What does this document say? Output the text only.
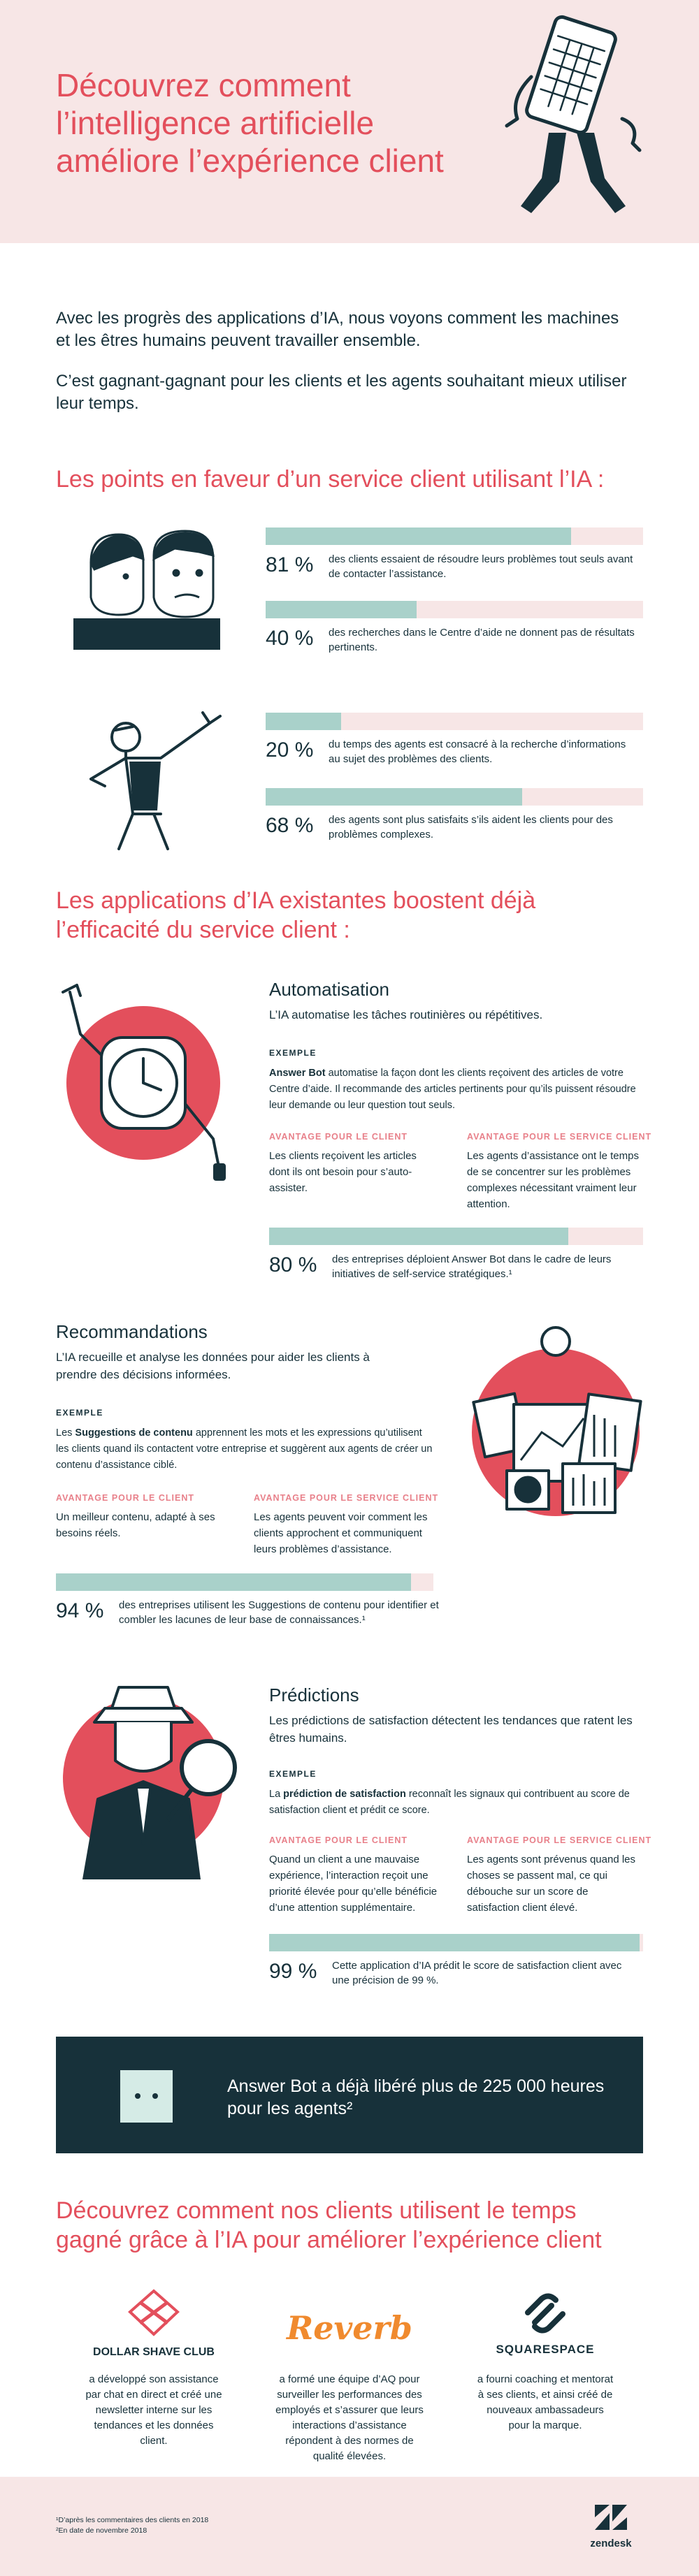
Découvrez comment l’intelligence artificielle améliore l’expérience client

Avec les progrès des applications d’IA, nous voyons comment les machines et les êtres humains peuvent travailler ensemble.

C’est gagnant-gagnant pour les clients et les agents souhaitant mieux utiliser leur temps.

Les points en faveur d’un service client utilisant l’IA :
81 % des clients essaient de résoudre leurs problèmes tout seuls avant de contacter l’assistance.
40 % des recherches dans le Centre d’aide ne donnent pas de résultats pertinents.
20 % du temps des agents est consacré à la recherche d’informations au sujet des problèmes des clients.
68 % des agents sont plus satisfaits s’ils aident les clients pour des problèmes complexes.
Les applications d’IA existantes boostent déjà l’efficacité du service client :
Automatisation
L’IA automatise les tâches routinières ou répétitives.
EXEMPLE
Answer Bot automatise la façon dont les clients reçoivent des articles de votre Centre d’aide. Il recommande des articles pertinents pour qu’ils puissent résoudre leur demande ou leur question tout seuls.
AVANTAGE POUR LE CLIENT
Les clients reçoivent les articles dont ils ont besoin pour s’auto-assister.
AVANTAGE POUR LE SERVICE CLIENT
Les agents d’assistance ont le temps de se concentrer sur les problèmes complexes nécessitant vraiment leur attention.
80 % des entreprises déploient Answer Bot dans le cadre de leurs initiatives de self-service stratégiques.¹
Recommandations
L’IA recueille et analyse les données pour aider les clients à prendre des décisions informées.
EXEMPLE
Les Suggestions de contenu apprennent les mots et les expressions qu’utilisent les clients quand ils contactent votre entreprise et suggèrent aux agents de créer un contenu d’assistance ciblé.
AVANTAGE POUR LE CLIENT
Un meilleur contenu, adapté à ses besoins réels.
AVANTAGE POUR LE SERVICE CLIENT
Les agents peuvent voir comment les clients approchent et communiquent leurs problèmes d’assistance.
94 % des entreprises utilisent les Suggestions de contenu pour identifier et combler les lacunes de leur base de connaissances.¹
Prédictions
Les prédictions de satisfaction détectent les tendances que ratent les êtres humains.
EXEMPLE
La prédiction de satisfaction reconnaît les signaux qui contribuent au score de satisfaction client et prédit ce score.
AVANTAGE POUR LE CLIENT
Quand un client a une mauvaise expérience, l’interaction reçoit une priorité élevée pour qu’elle bénéficie d’une attention supplémentaire.
AVANTAGE POUR LE SERVICE CLIENT
Les agents sont prévenus quand les choses se passent mal, ce qui débouche sur un score de satisfaction client élevé.
99 % Cette application d’IA prédit le score de satisfaction client avec une précision de 99 %.
Answer Bot a déjà libéré plus de 225 000 heures pour les agents²
Découvrez comment nos clients utilisent le temps gagné grâce à l’IA pour améliorer l’expérience client
DOLLAR SHAVE CLUB
a développé son assistance par chat en direct et créé une newsletter interne sur les tendances et les données client.
Reverb
a formé une équipe d’AQ pour surveiller les performances des employés et s’assurer que leurs interactions d’assistance répondent à des normes de qualité élevées.
SQUARESPACE
a fourni coaching et mentorat à ses clients, et ainsi créé de nouveaux ambassadeurs pour la marque.
¹D’après les commentaires des clients en 2018
²En date de novembre 2018
zendesk
